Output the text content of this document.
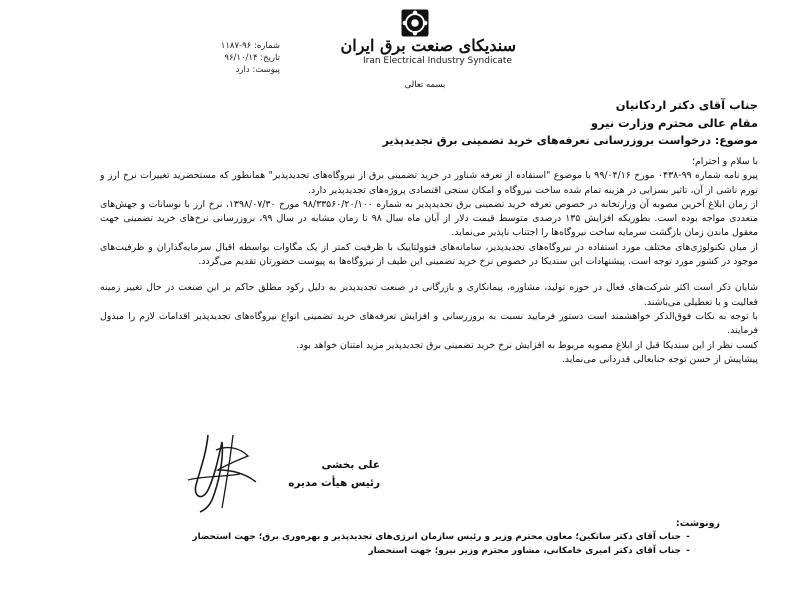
شماره: ۹۶-۱۱۸۷
تاریخ: ۹۶/۱۰/۱۴
پیوست: دارد
سندیکای صنعت برق ایران
Iran Electrical Industry Syndicate
بسمه تعالی
جناب آقای دکتر اردکانیان
مقام عالی محترم وزارت نیرو
موضوع: درخواست بروزرسانی تعرفه‌های خرید تضمینی برق تجدیدپذیر

با سلام و احترام؛

پیرو نامه شماره ۹۹-۰۴۳۸ مورخ ۹۹/۰۴/۱۶ با موضوع "استفاده از تعرفه شناور در خرید تضمینی برق از نیروگاه‌های تجدیدپذیر" همانطور که مستحضرید تغییرات نرخ ارز و تورم ناشی از آن، تاثیر بسزایی در هزینه تمام شده ساخت نیروگاه و امکان سنجی اقتصادی پروژه‌های تجدیدپذیر دارد.

از زمان ابلاغ آخرین مصوبه آن وزارتخانه در خصوص تعرفه خرید تضمینی برق تجدیدپذیر به شماره ۹۸/۳۳۵۶۰/۲۰/۱۰۰ مورخ ۱۳۹۸/۰۷/۳۰، نرخ ارز با نوسانات و جهش‌های متعددی مواجه بوده است. بطوریکه افزایش ۱۳۵ درصدی متوسط قیمت دلار از آبان ماه سال ۹۸ تا زمان مشابه در سال ۹۹، بروزرسانی نرخ‌های خرید تضمینی جهت معقول ماندن زمان بازگشت سرمایه ساخت نیروگاه‌ها را اجتناب ناپذیر می‌نماید.

از میان تکنولوژی‌های مختلف مورد استفاده در نیروگاه‌های تجدیدپذیر، سامانه‌های فتوولتاییک با ظرفیت کمتر از یک مگاوات بواسطه اقبال سرمایه‌گذاران و ظرفیت‌های موجود در کشور مورد توجه است. پیشنهادات این سندیکا در خصوص نرخ خرید تضمینی این طیف از نیروگاه‌ها به پیوست حضورتان تقدیم می‌گردد.

شایان ذکر است اکثر شرکت‌های فعال در حوزه تولید، مشاوره، پیمانکاری و بازرگانی در صنعت تجدیدپذیر به دلیل رکود مطلق حاکم بر این صنعت در حال تغییر زمینه فعالیت و یا تعطیلی می‌باشند.

با توجه به نکات فوق‌الذکر خواهشمند است دستور فرمایید نسبت به بروزرسانی و افزایش تعرفه‌های خرید تضمینی انواع نیروگاه‌های تجدیدپذیر اقدامات لازم را مبذول فرمایند.

کسب نظر از این سندیکا قبل از ابلاغ مصوبه مربوط به افزایش نرخ خرید تضمینی برق تجدیدپذیر مزید امتنان خواهد بود.

پیشاپیش از حسن توجه جنابعالی قدردانی می‌نماید.

علی بخشی
رئیس هیأت مدیره
رونوشت:
-جناب آقای دکتر ساتکین؛ معاون محترم وزیر و رئیس سازمان انرژی‌های تجدیدپذیر و بهره‌وری برق؛ جهت استحضار
-جناب آقای دکتر امیری خامکانی، مشاور محترم وزیر نیرو؛ جهت استحضار
